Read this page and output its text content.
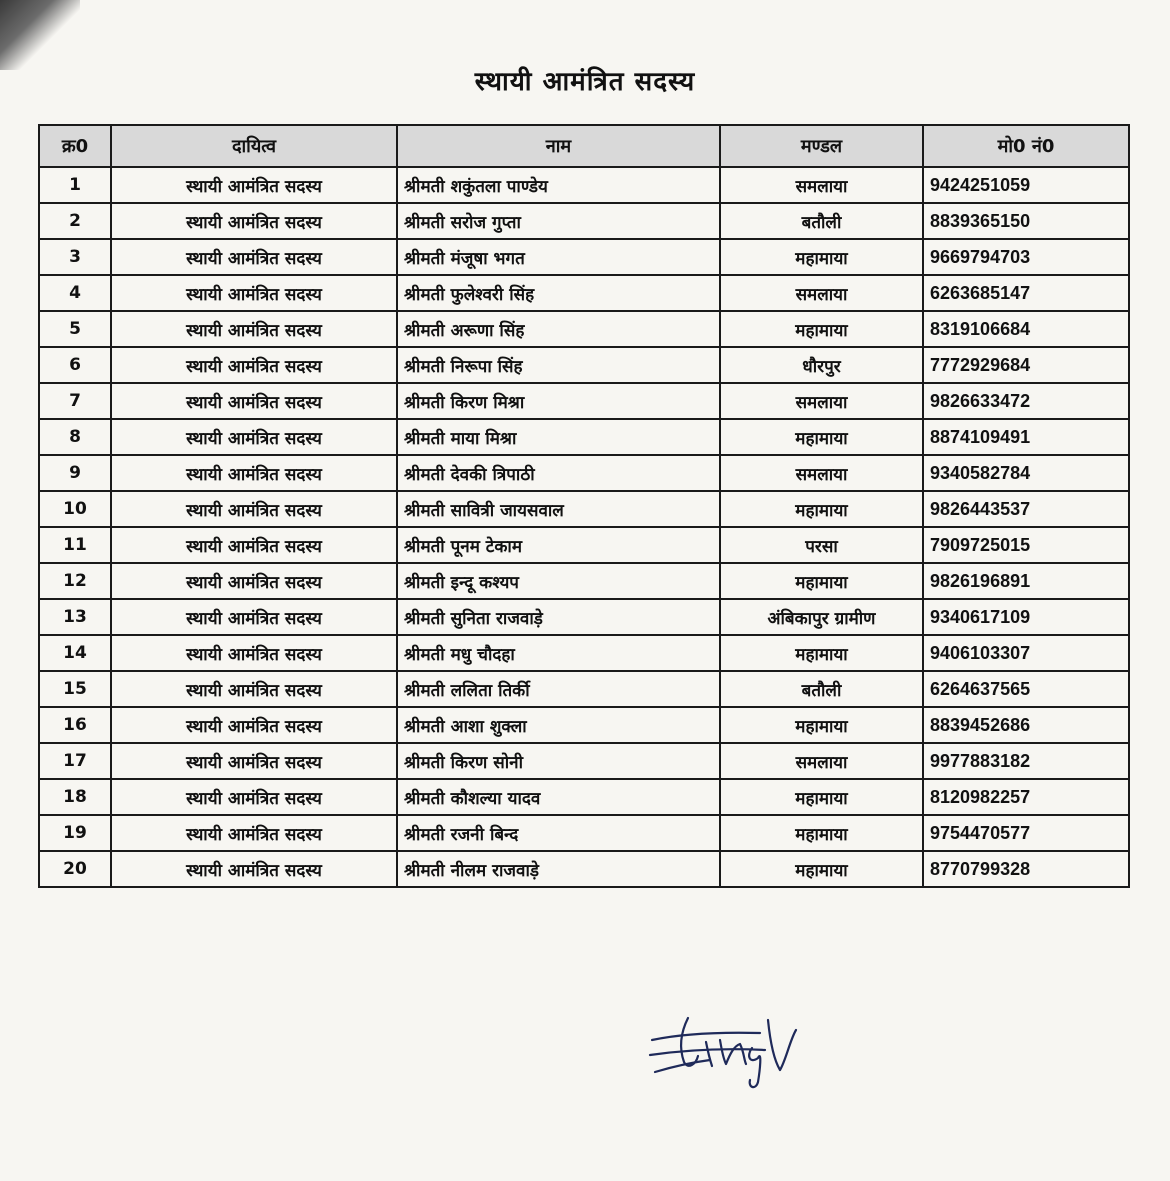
स्थायी आमंत्रित सदस्य
क्र0	दायित्व	नाम	मण्डल	मो0 नं0
1	स्थायी आमंत्रित सदस्य	श्रीमती शकुंतला पाण्डेय	समलाया	9424251059
2	स्थायी आमंत्रित सदस्य	श्रीमती सरोज गुप्ता	बतौली	8839365150
3	स्थायी आमंत्रित सदस्य	श्रीमती मंजूषा भगत	महामाया	9669794703
4	स्थायी आमंत्रित सदस्य	श्रीमती फुलेश्वरी सिंह	समलाया	6263685147
5	स्थायी आमंत्रित सदस्य	श्रीमती अरूणा सिंह	महामाया	8319106684
6	स्थायी आमंत्रित सदस्य	श्रीमती निरूपा सिंह	धौरपुर	7772929684
7	स्थायी आमंत्रित सदस्य	श्रीमती किरण मिश्रा	समलाया	9826633472
8	स्थायी आमंत्रित सदस्य	श्रीमती माया मिश्रा	महामाया	8874109491
9	स्थायी आमंत्रित सदस्य	श्रीमती देवकी त्रिपाठी	समलाया	9340582784
10	स्थायी आमंत्रित सदस्य	श्रीमती सावित्री जायसवाल	महामाया	9826443537
11	स्थायी आमंत्रित सदस्य	श्रीमती पूनम टेकाम	परसा	7909725015
12	स्थायी आमंत्रित सदस्य	श्रीमती इन्दू कश्यप	महामाया	9826196891
13	स्थायी आमंत्रित सदस्य	श्रीमती सुनिता राजवाड़े	अंबिकापुर ग्रामीण	9340617109
14	स्थायी आमंत्रित सदस्य	श्रीमती मधु चौदहा	महामाया	9406103307
15	स्थायी आमंत्रित सदस्य	श्रीमती ललिता तिर्की	बतौली	6264637565
16	स्थायी आमंत्रित सदस्य	श्रीमती आशा शुक्ला	महामाया	8839452686
17	स्थायी आमंत्रित सदस्य	श्रीमती किरण सोनी	समलाया	9977883182
18	स्थायी आमंत्रित सदस्य	श्रीमती कौशल्या यादव	महामाया	8120982257
19	स्थायी आमंत्रित सदस्य	श्रीमती रजनी बिन्द	महामाया	9754470577
20	स्थायी आमंत्रित सदस्य	श्रीमती नीलम राजवाड़े	महामाया	8770799328
